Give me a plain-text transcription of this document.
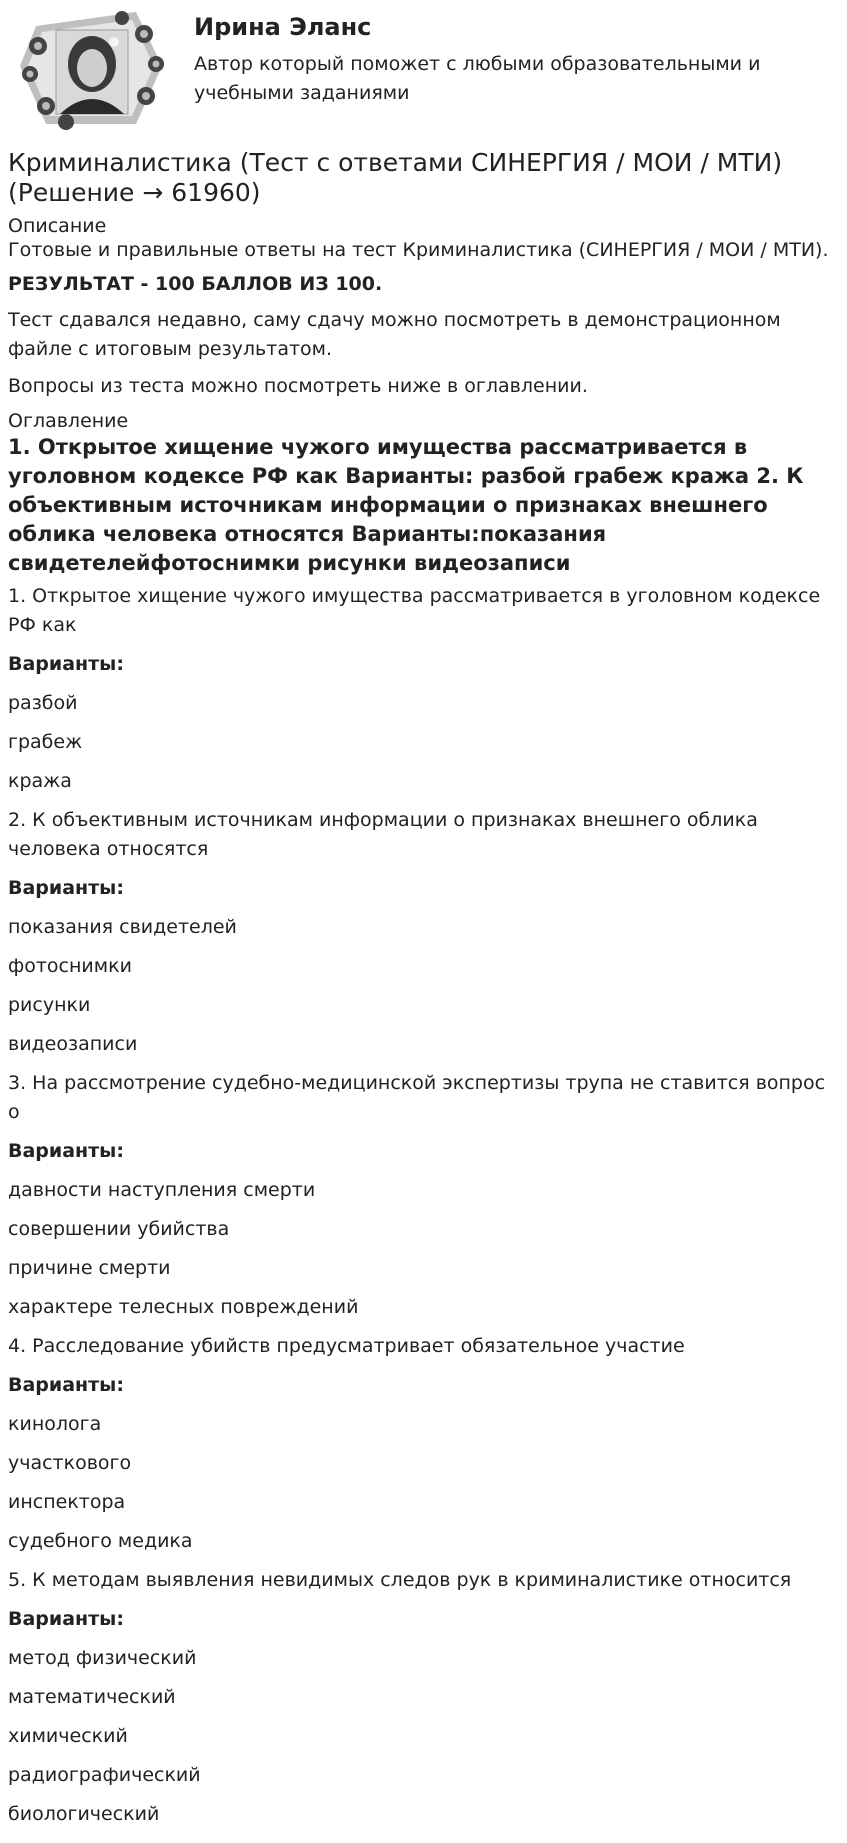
Ирина Эланс

Автор который поможет с любыми образовательными и учебными заданиями

Криминалистика (Тест с ответами СИНЕРГИЯ / МОИ / МТИ) (Решение → 61960)

Описание

Готовые и правильные ответы на тест Криминалистика (СИНЕРГИЯ / МОИ / МТИ).

РЕЗУЛЬТАТ - 100 БАЛЛОВ ИЗ 100.

Тест сдавался недавно, саму сдачу можно посмотреть в демонстрационном файле с итоговым результатом.

Вопросы из теста можно посмотреть ниже в оглавлении.

Оглавление

1. Открытое хищение чужого имущества рассматривается в уголовном кодексе РФ как Варианты: разбой грабеж кража 2. К объективным источникам информации о признаках внешнего облика человека относятся Варианты:показания свидетелейфотоснимки рисунки видеозаписи

1. Открытое хищение чужого имущества рассматривается в уголовном кодексе РФ как

Варианты:

разбой

грабеж

кража

2. К объективным источникам информации о признаках внешнего облика человека относятся

Варианты:

показания свидетелей

фотоснимки

рисунки

видеозаписи

3. На рассмотрение судебно-медицинской экспертизы трупа не ставится вопрос о

Варианты:

давности наступления смерти

совершении убийства

причине смерти

характере телесных повреждений

4. Расследование убийств предусматривает обязательное участие

Варианты:

кинолога

участкового

инспектора

судебного медика

5. К методам выявления невидимых следов рук в криминалистике относится

Варианты:

метод физический

математический

химический

радиографический

биологический
